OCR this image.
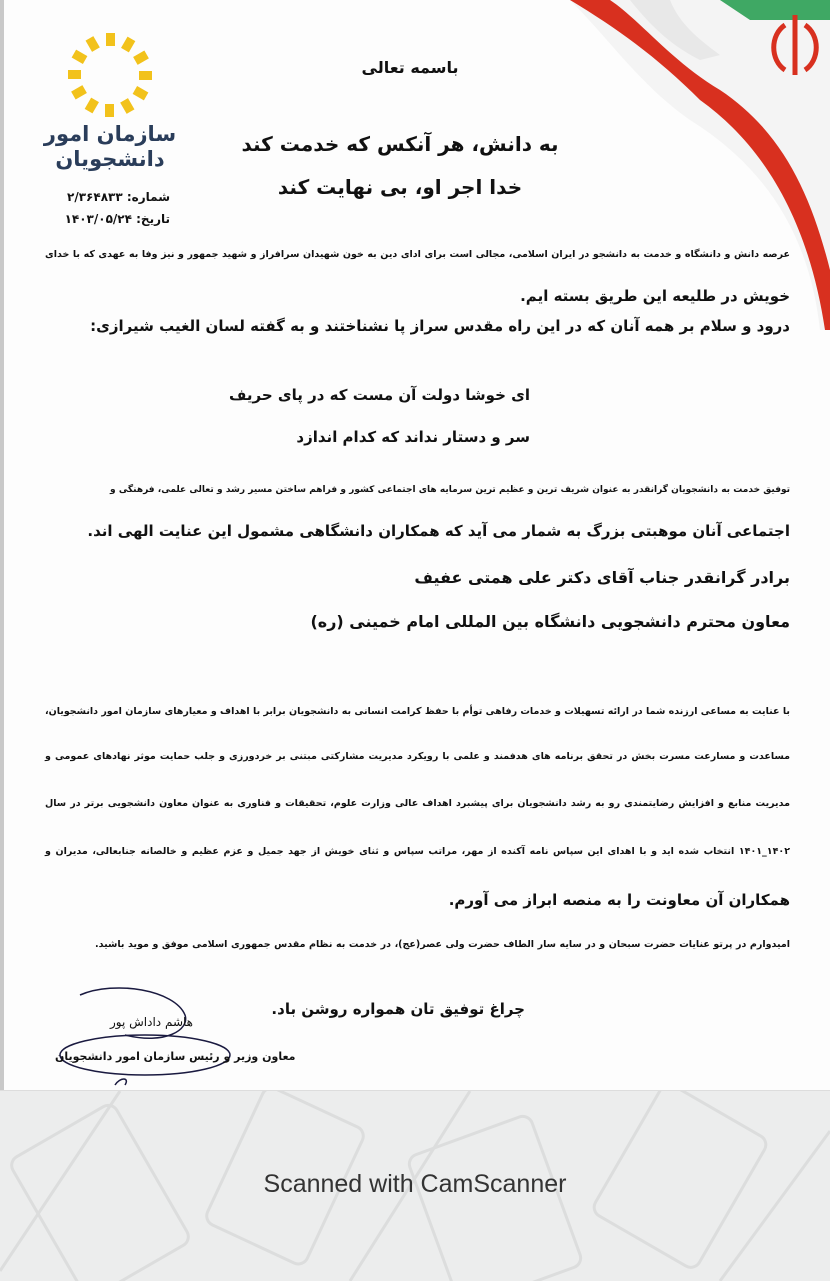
سازمان امور
دانشجویان
شماره: ۲/۳۶۴۸۳۳
تاریخ: ۱۴۰۳/۰۵/۲۴
باسمه تعالی
به دانش، هر آنکس که خدمت کند
خدا اجر او، بی نهایت کند
عرصه دانش و دانشگاه و خدمت به دانشجو در ایران اسلامی، مجالی است برای ادای دین به خون شهیدان سرافراز و شهید جمهور و نیز وفا به عهدی که با خدای
خویش در طلیعه این طریق بسته ایم.
درود و سلام بر همه آنان که در این راه مقدس سراز پا نشناختند و به گفته لسان الغیب شیرازی:
ای خوشا دولت آن مست که در پای حریف
سر و دستار نداند که کدام اندازد
توفیق خدمت به دانشجویان گرانقدر به عنوان شریف ترین و عظیم ترین سرمایه های اجتماعی کشور و فراهم ساختن مسیر رشد و تعالی علمی، فرهنگی و
اجتماعی آنان موهبتی بزرگ به شمار می آید که همکاران دانشگاهی مشمول این عنایت الهی اند.
برادر گرانقدر جناب آقای دکتر علی همتی عفیف
معاون محترم دانشجویی دانشگاه بین المللی امام خمینی (ره)
با عنایت به مساعی ارزنده شما در ارائه تسهیلات و خدمات رفاهی توأم با حفظ کرامت انسانی به دانشجویان برابر با اهداف و معیارهای سازمان امور دانشجویان،
مساعدت و مسارعت مسرت بخش در تحقق برنامه های هدفمند و علمی با رویکرد مدیریت مشارکتی مبتنی بر خردورزی و جلب حمایت موثر نهادهای عمومی و
مدیریت منابع و افزایش رضایتمندی رو به رشد دانشجویان برای پیشبرد اهداف عالی وزارت علوم، تحقیقات و فناوری به عنوان معاون دانشجویی برتر در سال
۱۴۰۲_۱۴۰۱ انتخاب شده اید و با اهدای این سپاس نامه آکنده از مهر، مراتب سپاس و ثنای خویش از جهد جمیل و عزم عظیم و خالصانه جنابعالی، مدیران و
همکاران آن معاونت را به منصه ابراز می آورم.
امیدوارم در پرتو عنایات حضرت سبحان و در سایه سار الطاف حضرت ولی عصر(عج)، در خدمت به نظام مقدس جمهوری اسلامی موفق و موید باشید.
چراغ توفیق تان همواره روشن باد.
هاشم داداش پور
معاون وزیر و رئیس سازمان امور دانشجویان
Scanned with CamScanner
